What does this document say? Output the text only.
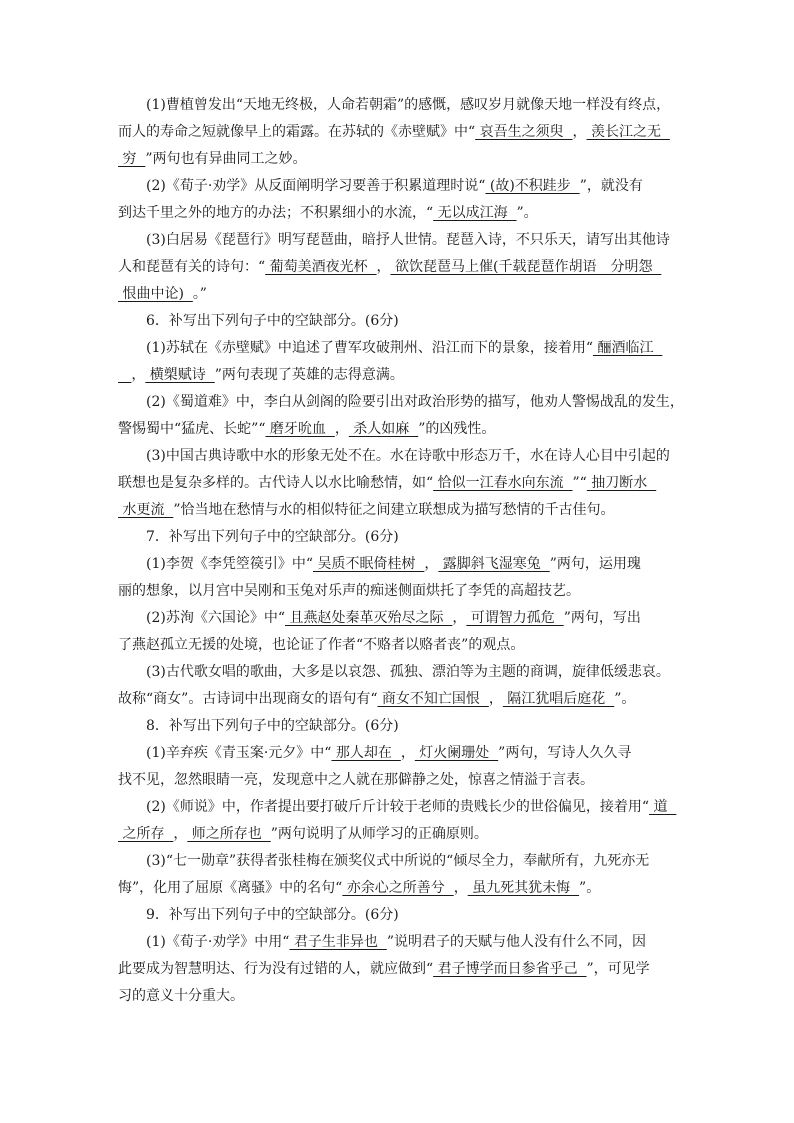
(1)曹植曾发出“天地无终极，人命若朝霜”的感慨，感叹岁月就像天地一样没有终点，

而人的寿命之短就像早上的霜露。在苏轼的《赤壁赋》中“ 哀吾生之须臾  ， 羡长江之无

穷  ”两句也有异曲同工之妙。

(2)《荀子·劝学》从反面阐明学习要善于积累道理时说“ (故)不积跬步  ”，就没有

到达千里之外的地方的办法；不积累细小的水流，“ 无以成江海  ”。

(3)白居易《琵琶行》明写琵琶曲，暗抒人世情。琵琶入诗，不只乐天，请写出其他诗

人和琵琶有关的诗句：“ 葡萄美酒夜光杯  ， 欲饮琵琶马上催(千载琵琶作胡语　分明怨

恨曲中论)  。”

6．补写出下列句子中的空缺部分。(6分)

(1)苏轼在《赤壁赋》中追述了曹军攻破荆州、沿江而下的景象，接着用“ 酾酒临江

， 横槊赋诗  ”两句表现了英雄的志得意满。

(2)《蜀道难》中，李白从剑阁的险要引出对政治形势的描写，他劝人警惕战乱的发生，

警惕蜀中“猛虎、长蛇”“ 磨牙吮血  ， 杀人如麻  ”的凶残性。

(3)中国古典诗歌中水的形象无处不在。水在诗歌中形态万千，水在诗人心目中引起的

联想也是复杂多样的。古代诗人以水比喻愁情，如“ 恰似一江春水向东流  ”“ 抽刀断水

水更流  ”恰当地在愁情与水的相似特征之间建立联想成为描写愁情的千古佳句。

7．补写出下列句子中的空缺部分。(6分)

(1)李贺《李凭箜篌引》中“ 吴质不眠倚桂树  ， 露脚斜飞湿寒兔  ”两句，运用瑰

丽的想象，以月宫中吴刚和玉兔对乐声的痴迷侧面烘托了李凭的高超技艺。

(2)苏洵《六国论》中“ 且燕赵处秦革灭殆尽之际  ， 可谓智力孤危  ”两句，写出

了燕赵孤立无援的处境，也论证了作者“不赂者以赂者丧”的观点。

(3)古代歌女唱的歌曲，大多是以哀怨、孤独、漂泊等为主题的商调，旋律低缓悲哀。

故称“商女”。古诗词中出现商女的语句有“ 商女不知亡国恨  ， 隔江犹唱后庭花  ”。

8．补写出下列句子中的空缺部分。(6分)

(1)辛弃疾《青玉案·元夕》中“ 那人却在  ， 灯火阑珊处  ”两句，写诗人久久寻

找不见，忽然眼睛一亮，发现意中之人就在那僻静之处，惊喜之情溢于言表。

(2)《师说》中，作者提出要打破斤斤计较于老师的贵贱长少的世俗偏见，接着用“ 道

之所存  ， 师之所存也  ”两句说明了从师学习的正确原则。

(3)“七一勋章”获得者张桂梅在颁奖仪式中所说的“倾尽全力，奉献所有，九死亦无

悔”，化用了屈原《离骚》中的名句“ 亦余心之所善兮  ， 虽九死其犹未悔  ”。

9．补写出下列句子中的空缺部分。(6分)

(1)《荀子·劝学》中用“ 君子生非异也  ”说明君子的天赋与他人没有什么不同，因

此要成为智慧明达、行为没有过错的人，就应做到“ 君子博学而日参省乎己  ”，可见学

习的意义十分重大。
